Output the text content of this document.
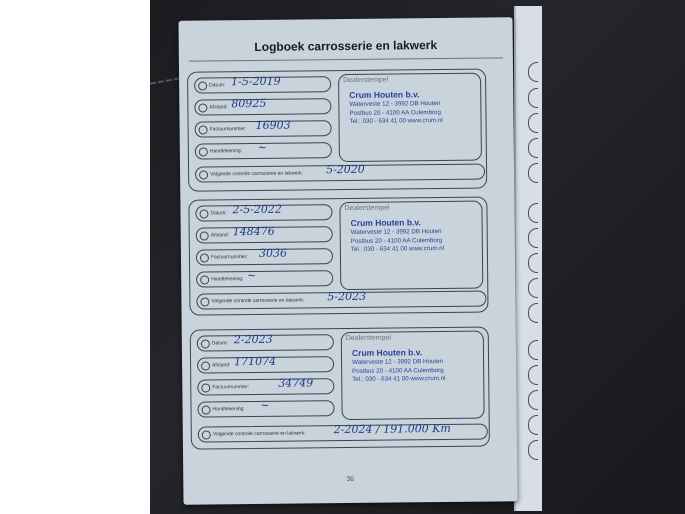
Logboek carrosserie en lakwerk
Datum: 1-5-2019
Afstand: 80925
Factuurnummer: 16903
Handtekening: ~
Dealerstempel
Crum Houten b.v.
Waterveste 12 - 3992 DB Houten
Postbus 20 - 4100 AA Culemborg
Tel.: 030 - 634 41 00 www.crum.nl
Volgende controle carrosserie en lakwerk: 5-2020
Datum: 2-5-2022
Afstand: 148476
Factuurnummer: 3036
Handtekening: ~
Dealerstempel
Crum Houten b.v.
Waterveste 12 - 3992 DB Houten
Postbus 20 - 4100 AA Culemborg
Tel.: 030 - 634 41 00 www.crum.nl
Volgende controle carrosserie en lakwerk: 5-2023
Datum: 2-2023
Afstand: 171074
Factuurnummer:	34749
Handtekening: ~
Dealerstempel
Crum Houten b.v.
Waterveste 12 - 3992 DB Houten
Postbus 20 - 4100 AA Culemborg
Tel.: 030 - 634 41 00 www.crum.nl
Volgende controle carrosserie en lakwerk:	2-2024 / 191.000 Km
36
